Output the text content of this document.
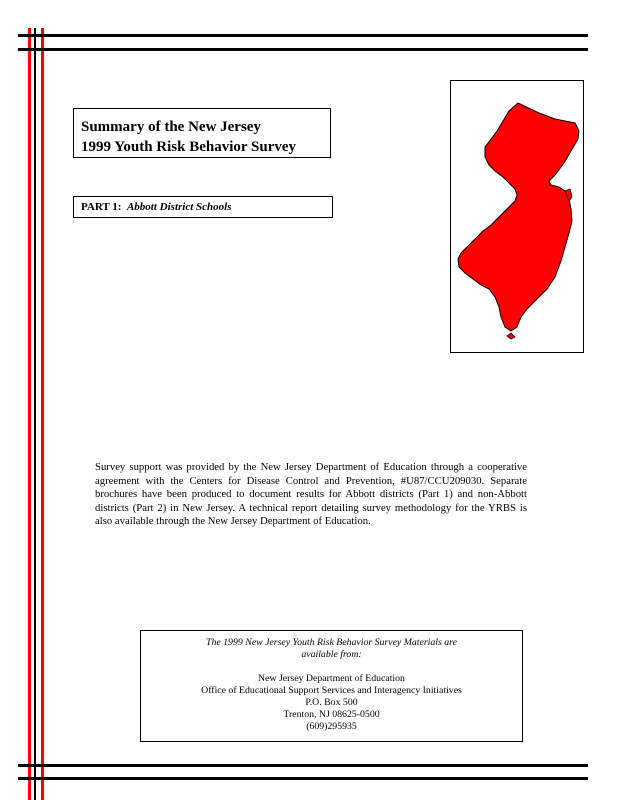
Summary of the New Jersey
1999 Youth Risk Behavior Survey
PART 1: Abbott District Schools
Survey support was provided by the New Jersey Department of Education through a cooperative agreement with the Centers for Disease Control and Prevention, #U87/CCU209030. Separate brochures have been produced to document results for Abbott districts (Part 1) and non-Abbott districts (Part 2) in New Jersey. A technical report detailing survey methodology for the YRBS is also available through the New Jersey Department of Education.
The 1999 New Jersey Youth Risk Behavior Survey Materials are
available from:
New Jersey Department of Education
Office of Educational Support Services and Interagency Initiatives
P.O. Box 500
Trenton, NJ 08625-0500
(609)295935
